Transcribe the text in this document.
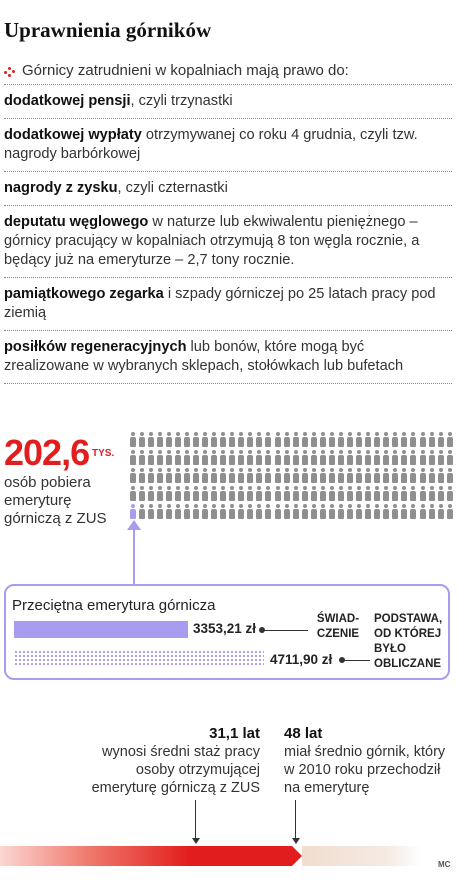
Uprawnienia górników
Górnicy zatrudnieni w kopalniach mają prawo do:
dodatkowej pensji, czyli trzynastki
dodatkowej wypłaty otrzymywanej co roku 4 grudnia, czyli tzw. nagrody barbórkowej
nagrody z zysku, czyli czternastki
deputatu węglowego w naturze lub ekwiwalentu pieniężnego – górnicy pracujący w kopalniach otrzymują 8 ton węgla rocznie, a będący już na emeryturze – 2,7 tony rocznie.
pamiątkowego zegarka i szpady górniczej po 25 latach pracy pod ziemią
posiłków regeneracyjnych lub bonów, które mogą być zrealizowane w wybranych sklepach, stołówkach lub bufetach
202,6 TYS.
osób pobiera emeryturę górniczą z ZUS
Przeciętna emerytura górnicza
3353,21 zł
4711,90 zł
ŚWIAD-
CZENIE
PODSTAWA,
OD KTÓREJ
BYŁO
OBLICZANE
31,1 lat
wynosi średni staż pracy osoby otrzymującej emeryturę górniczą z ZUS
48 lat
miał średnio górnik, który w 2010 roku przechodził na emeryturę
MC
